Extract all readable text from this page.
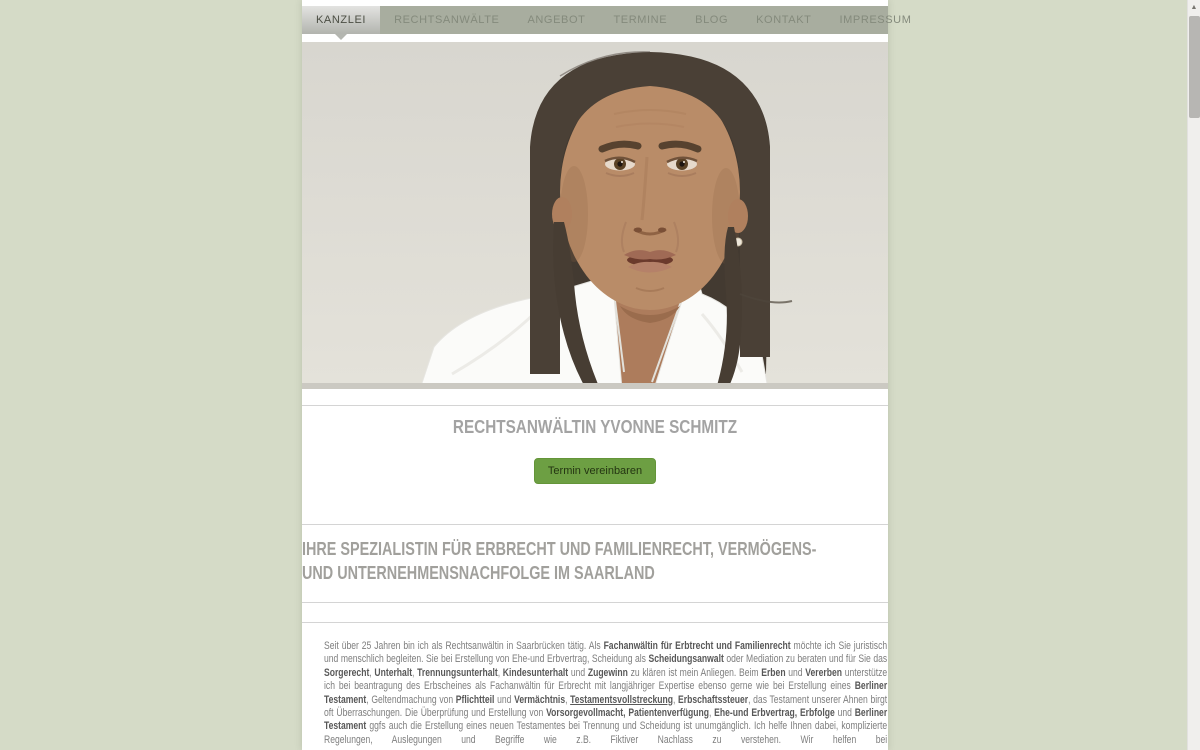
KANZLEI	RECHTSANWÄLTE	ANGEBOT	TERMINE	BLOG	KONTAKT	IMPRESSUM
RECHTSANWÄLTIN YVONNE SCHMITZ
Termin vereinbaren
IHRE SPEZIALISTIN FÜR ERBRECHT UND FAMILIENRECHT, VERMÖGENS-
UND UNTERNEHMENSNACHFOLGE IM SAARLAND

Seit über 25 Jahren bin ich als Rechtsanwältin in Saarbrücken tätig. Als Fachanwältin für Erbtrecht und Familienrecht möchte ich Sie juristisch und menschlich begleiten. Sie bei Erstellung von Ehe-und Erbvertrag, Scheidung als Scheidungsanwalt oder Mediation zu beraten und für Sie das Sorgerecht, Unterhalt, Trennungsunterhalt, Kindesunterhalt und Zugewinn zu klären ist mein Anliegen. Beim Erben und Vererben unterstütze ich bei beantragung des Erbscheines als Fachanwältin für Erbrecht mit langjähriger Expertise ebenso gerne wie bei Erstellung eines Berliner Testament, Geltendmachung von Pflichtteil und Vermächtnis, Testamentsvollstreckung, Erbschaftssteuer, das Testament unserer Ahnen birgt oft Überraschungen. Die Überprüfung und Erstellung von Vorsorgevollmacht, Patientenverfügung, Ehe-und Erbvertrag, Erbfolge und Berliner Testament ggfs auch die Erstellung eines neuen Testamentes bei Trennung und Scheidung ist unumgänglich. Ich helfe Ihnen dabei, komplizierte Regelungen, Auslegungen und Begriffe wie z.B. Fiktiver Nachlass zu verstehen. Wir helfen bei

▲
